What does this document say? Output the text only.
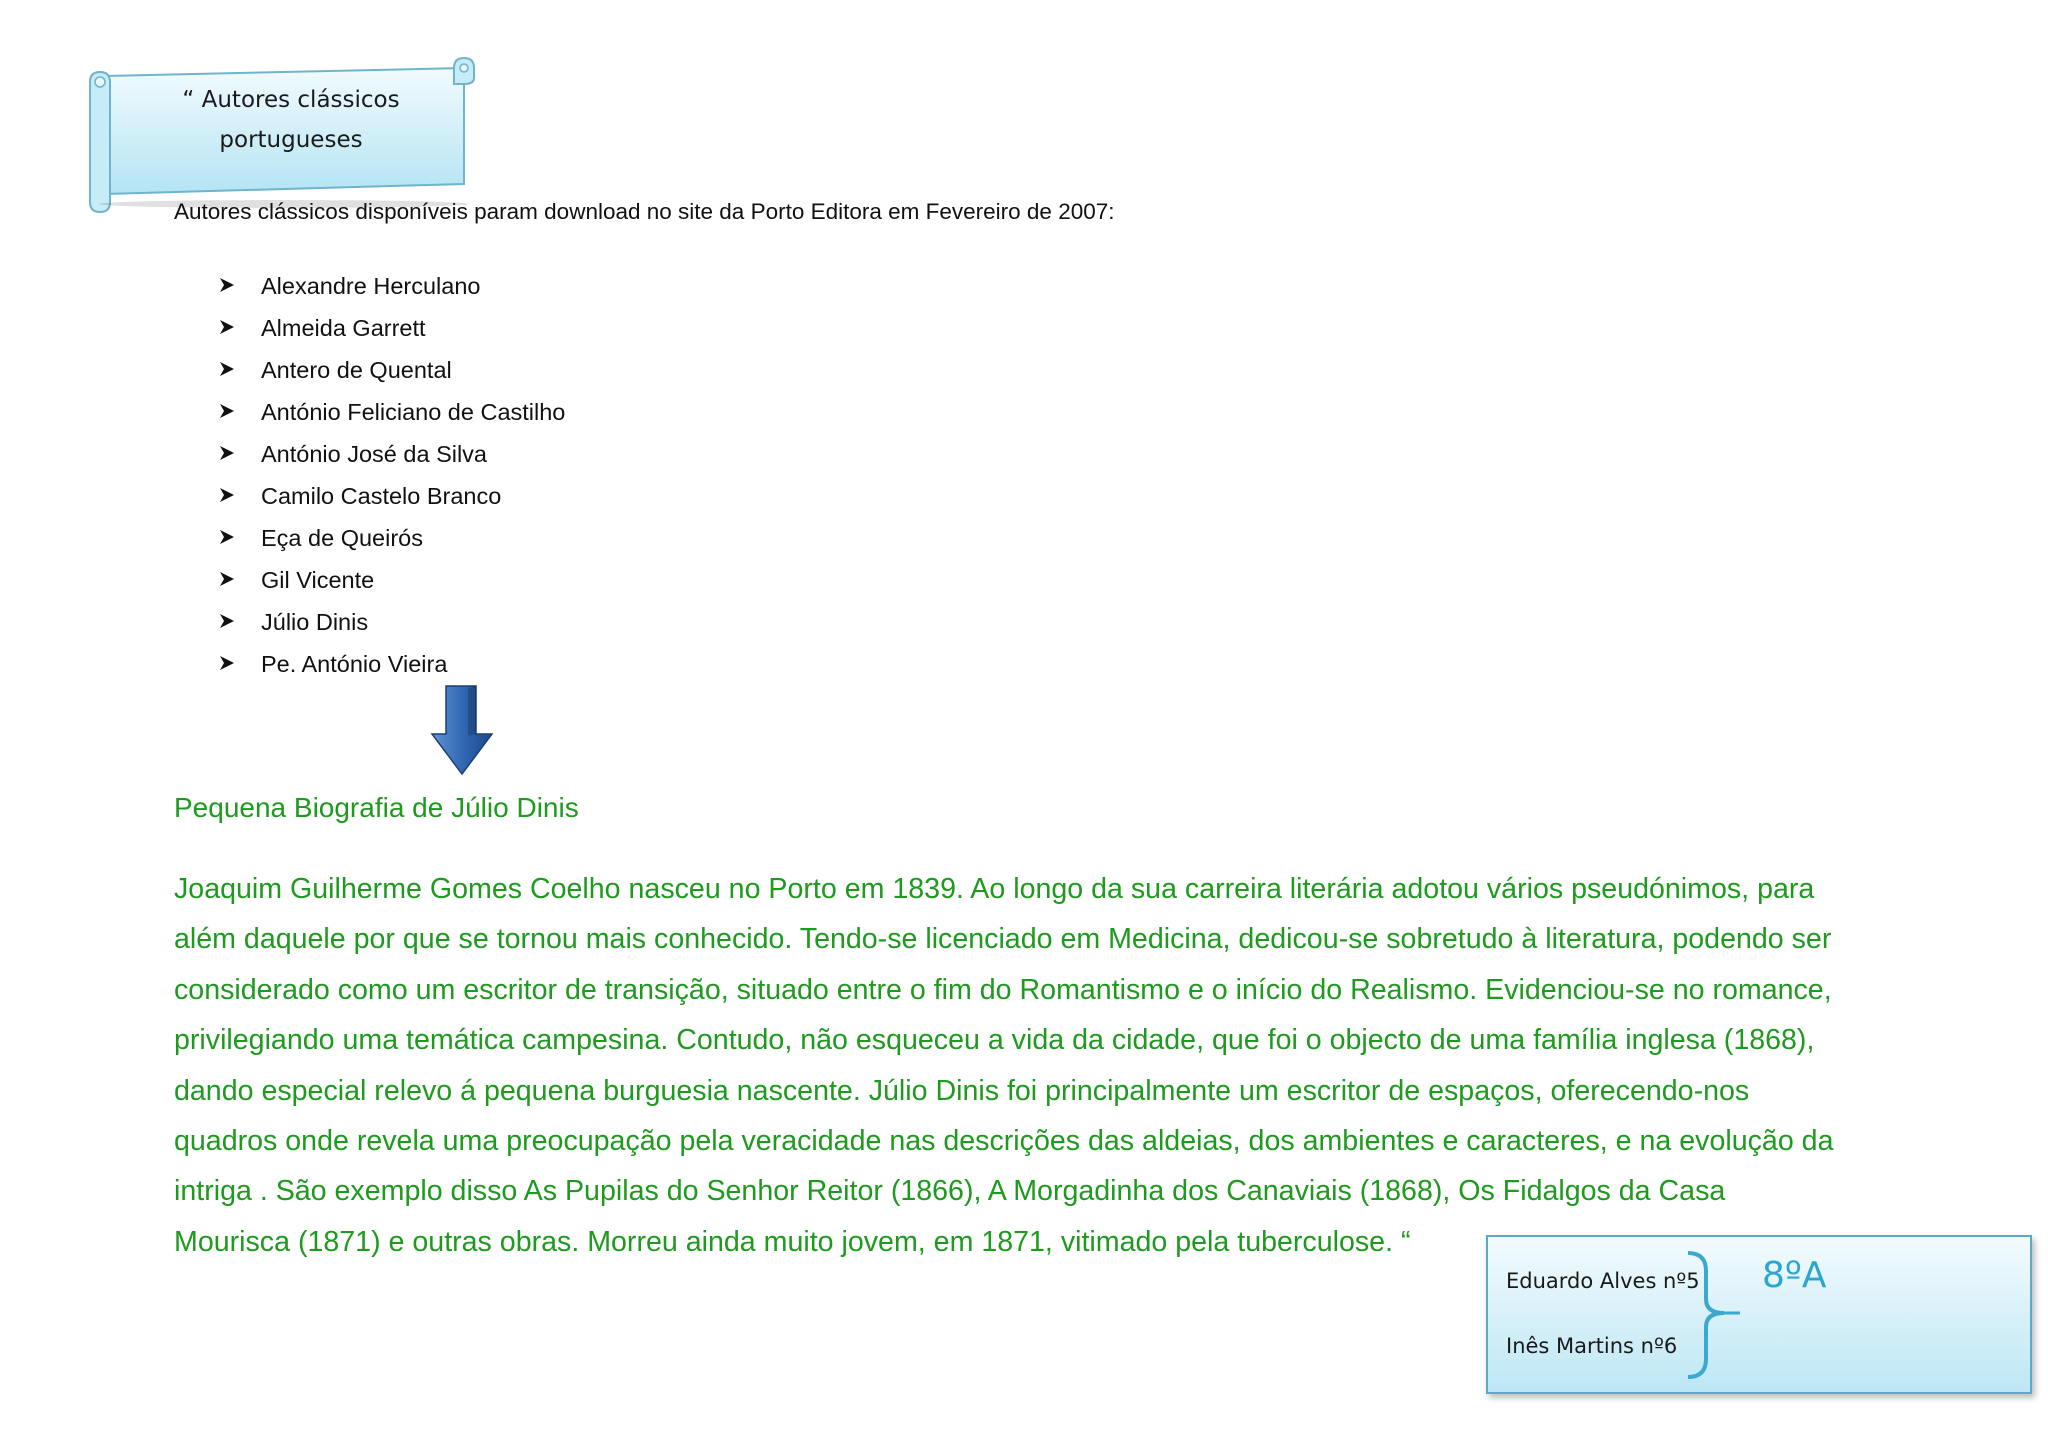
“ Autores clássicos portugueses
Autores clássicos disponíveis param download no site da Porto Editora em Fevereiro de 2007:
Alexandre Herculano
Almeida Garrett
Antero de Quental
António Feliciano de Castilho
António José da Silva
Camilo Castelo Branco
Eça de Queirós
Gil Vicente
Júlio Dinis
Pe. António Vieira
Pequena Biografia de Júlio Dinis
Joaquim Guilherme Gomes Coelho nasceu no Porto em 1839. Ao longo da sua carreira literária adotou vários pseudónimos, para
além daquele por que se tornou mais conhecido. Tendo-se licenciado em Medicina, dedicou-se sobretudo à literatura, podendo ser
considerado como um escritor de transição, situado entre o fim do Romantismo e o início do Realismo. Evidenciou-se no romance,
privilegiando uma temática campesina. Contudo, não esqueceu a vida da cidade, que foi o objecto de uma família inglesa (1868),
dando especial relevo á pequena burguesia nascente. Júlio Dinis foi principalmente um escritor de espaços, oferecendo-nos
quadros onde revela uma preocupação pela veracidade nas descrições das aldeias, dos ambientes e caracteres, e na evolução da
intriga . São exemplo disso As Pupilas do Senhor Reitor (1866), A Morgadinha dos Canaviais (1868), Os Fidalgos da Casa
Mourisca (1871) e outras obras. Morreu ainda muito jovem, em 1871, vitimado pela tuberculose. “
Eduardo Alves nº5
Inês Martins nº6
8ºA
